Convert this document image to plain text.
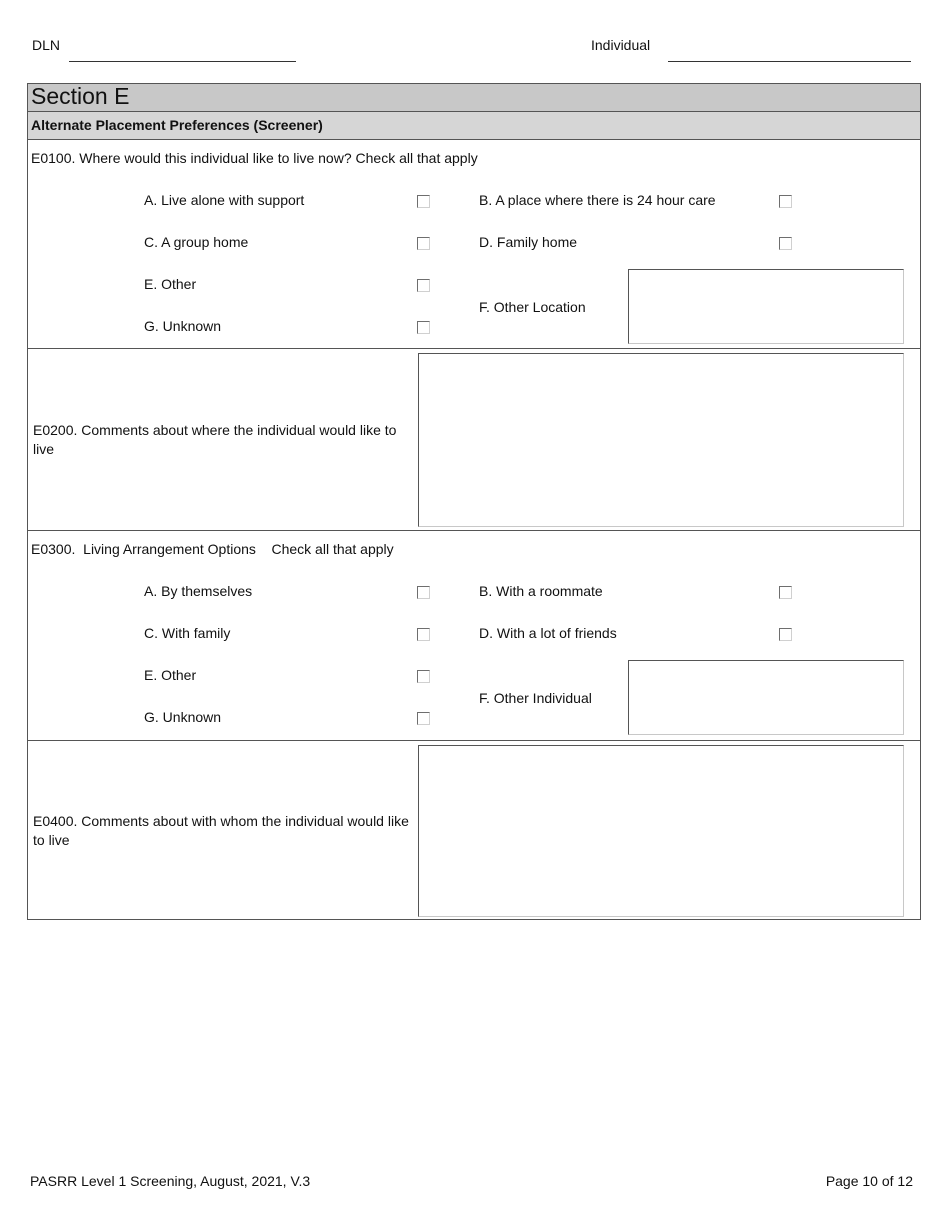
DLN	Individual
Section E
Alternate Placement Preferences (Screener)
E0100. Where would this individual like to live now? Check all that apply
A. Live alone with support	B. A place where there is 24 hour care
C. A group home	D. Family home
E. Other
G. Unknown
F. Other Location
E0200. Comments about where the individual would like to live
E0300.  Living Arrangement Options    Check all that apply
A. By themselves	B. With a roommate
C. With family	D. With a lot of friends
E. Other
G. Unknown
F. Other Individual
E0400. Comments about with whom the individual would like to live
PASRR Level 1 Screening, August, 2021, V.3	Page 10 of 12
